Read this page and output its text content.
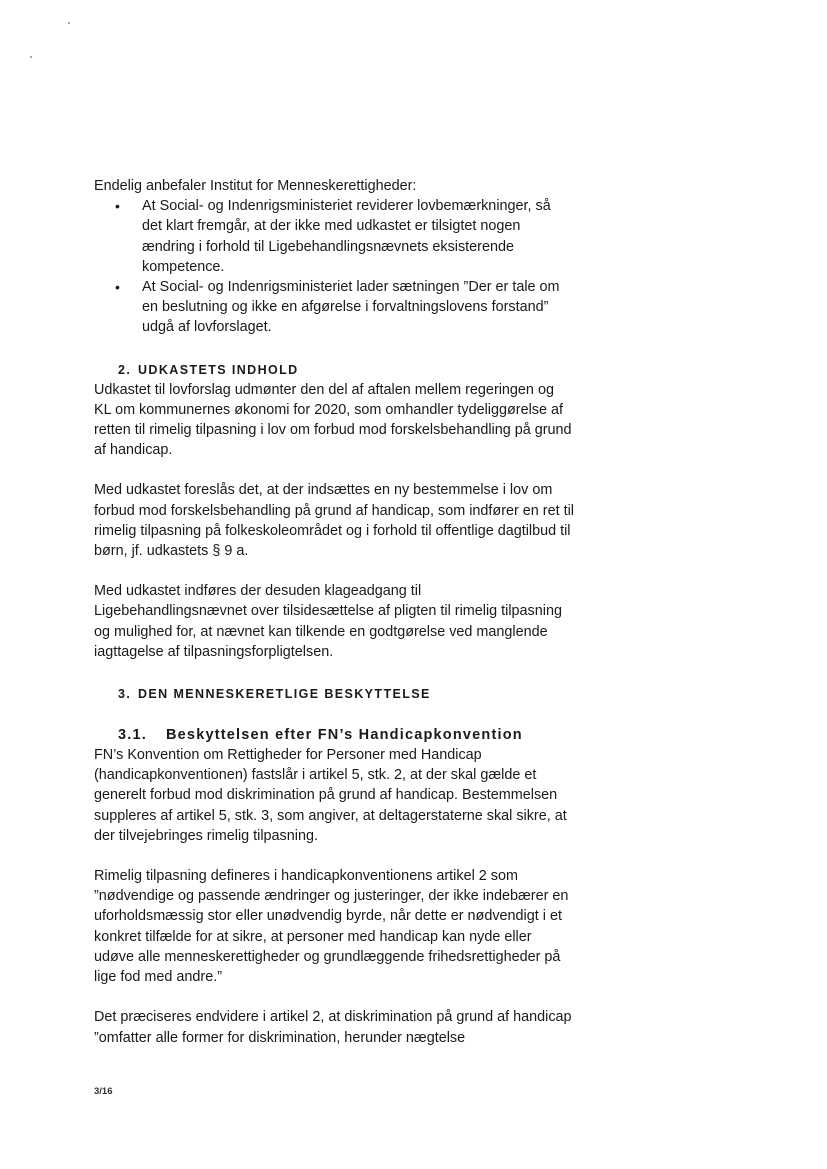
Endelig anbefaler Institut for Menneskerettigheder:

• At Social- og Indenrigsministeriet reviderer lovbemærkninger, så det klart fremgår, at der ikke med udkastet er tilsigtet nogen ændring i forhold til Ligebehandlingsnævnets eksisterende kompetence.
• At Social- og Indenrigsministeriet lader sætningen ”Der er tale om en beslutning og ikke en afgørelse i forvaltningslovens forstand” udgå af lovforslaget.
2. UDKASTETS INDHOLD

Udkastet til lovforslag udmønter den del af aftalen mellem regeringen og KL om kommunernes økonomi for 2020, som omhandler tydeliggørelse af retten til rimelig tilpasning i lov om forbud mod forskelsbehandling på grund af handicap.

Med udkastet foreslås det, at der indsættes en ny bestemmelse i lov om forbud mod forskelsbehandling på grund af handicap, som indfører en ret til rimelig tilpasning på folkeskoleområdet og i forhold til offentlige dagtilbud til børn, jf. udkastets § 9 a.

Med udkastet indføres der desuden klageadgang til Ligebehandlingsnævnet over tilsidesættelse af pligten til rimelig tilpasning og mulighed for, at nævnet kan tilkende en godtgørelse ved manglende iagttagelse af tilpasningsforpligtelsen.

3. DEN MENNESKERETLIGE BESKYTTELSE
3.1. Beskyttelsen efter FN’s Handicapkonvention

FN’s Konvention om Rettigheder for Personer med Handicap (handicapkonventionen) fastslår i artikel 5, stk. 2, at der skal gælde et generelt forbud mod diskrimination på grund af handicap. Bestemmelsen suppleres af artikel 5, stk. 3, som angiver, at deltagerstaterne skal sikre, at der tilvejebringes rimelig tilpasning.

Rimelig tilpasning defineres i handicapkonventionens artikel 2 som ”nødvendige og passende ændringer og justeringer, der ikke indebærer en uforholdsmæssig stor eller unødvendig byrde, når dette er nødvendigt i et konkret tilfælde for at sikre, at personer med handicap kan nyde eller udøve alle menneskerettigheder og grundlæggende frihedsrettigheder på lige fod med andre.”

Det præciseres endvidere i artikel 2, at diskrimination på grund af handicap ”omfatter alle former for diskrimination, herunder nægtelse

3/16
